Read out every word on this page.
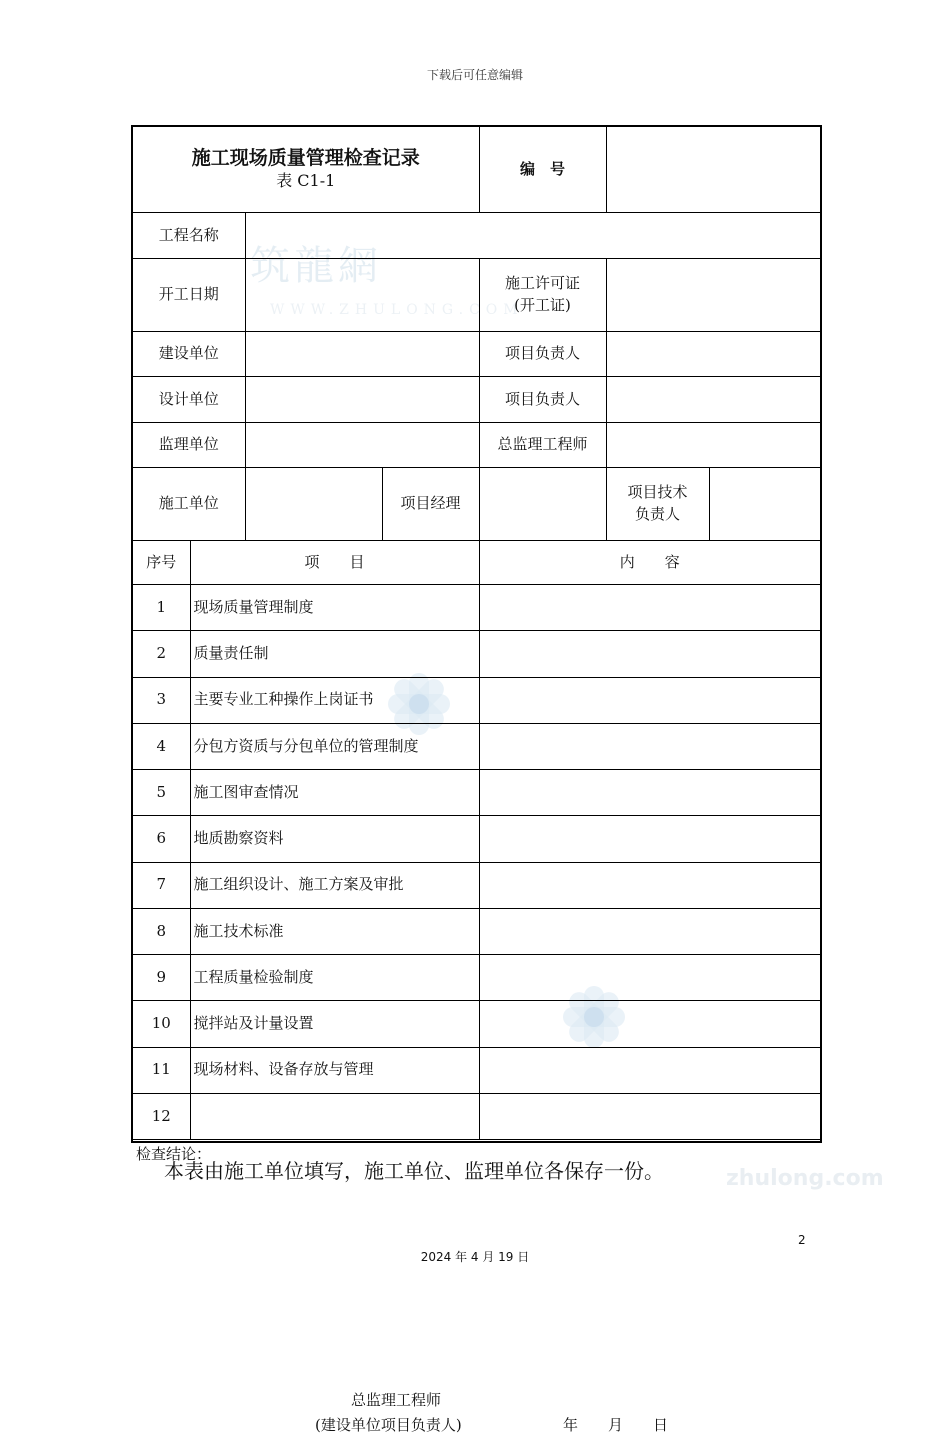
下载后可任意编辑
筑龍網
WWW.ZHULONG.COM
施工现场质量管理检查记录
表 C1-1				编　号		
工程名称						
开工日期				施工许可证
(开工证)		

建设单位				项目负责人		
设计单位				项目负责人		
监理单位				总监理工程师		
施工单位			项目经理		项目技术
负责人	

序号	项　　目			内　　容		
1	现场质量管理制度					
2	质量责任制					
3	主要专业工种操作上岗证书					
4	分包方资质与分包单位的管理制度					
5	施工图审查情况					
6	地质勘察资料					
7	施工组织设计、施工方案及审批					
8	施工技术标准					
9	工程质量检验制度					
10	搅拌站及计量设置					
11	现场材料、设备存放与管理					
12						

检查结论：
总监理工程师
(建设单位项目负责人) 年　　月　　日						
zhulong.com
本表由施工单位填写，施工单位、监理单位各保存一份。
2
2024 年 4 月 19 日
